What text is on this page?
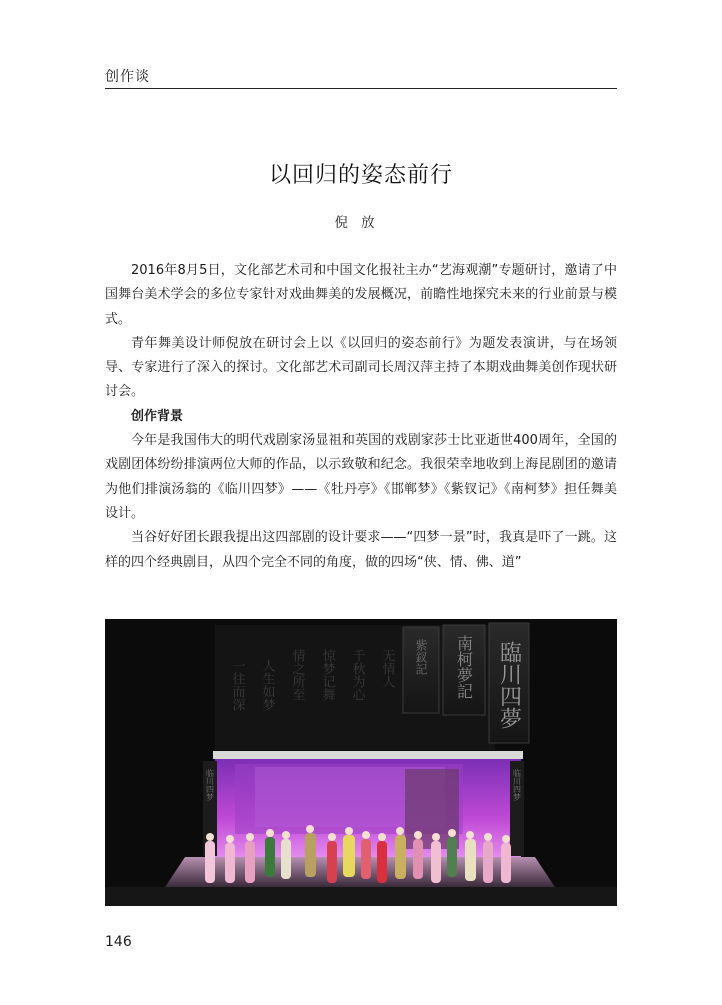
创作谈
以回归的姿态前行
倪放

2016年8月5日，文化部艺术司和中国文化报社主办“艺海观潮”专题研讨，邀请了中国舞台美术学会的多位专家针对戏曲舞美的发展概况，前瞻性地探究未来的行业前景与模式。

青年舞美设计师倪放在研讨会上以《以回归的姿态前行》为题发表演讲，与在场领导、专家进行了深入的探讨。文化部艺术司副司长周汉萍主持了本期戏曲舞美创作现状研讨会。

创作背景

今年是我国伟大的明代戏剧家汤显祖和英国的戏剧家莎士比亚逝世400周年，全国的戏剧团体纷纷排演两位大师的作品，以示致敬和纪念。我很荣幸地收到上海昆剧团的邀请为他们排演汤翁的《临川四梦》——《牡丹亭》《邯郸梦》《紫钗记》《南柯梦》担任舞美设计。

当谷好好团长跟我提出这四部剧的设计要求——“四梦一景”时，我真是吓了一跳。这样的四个经典剧目，从四个完全不同的角度，做的四场“侠、情、佛、道”

一往而深 人生如梦 情之所至 惊梦记舞 千秋为心 无情人 紫釵記 南柯夢記 臨川四夢
临川四梦	临川四梦
146
